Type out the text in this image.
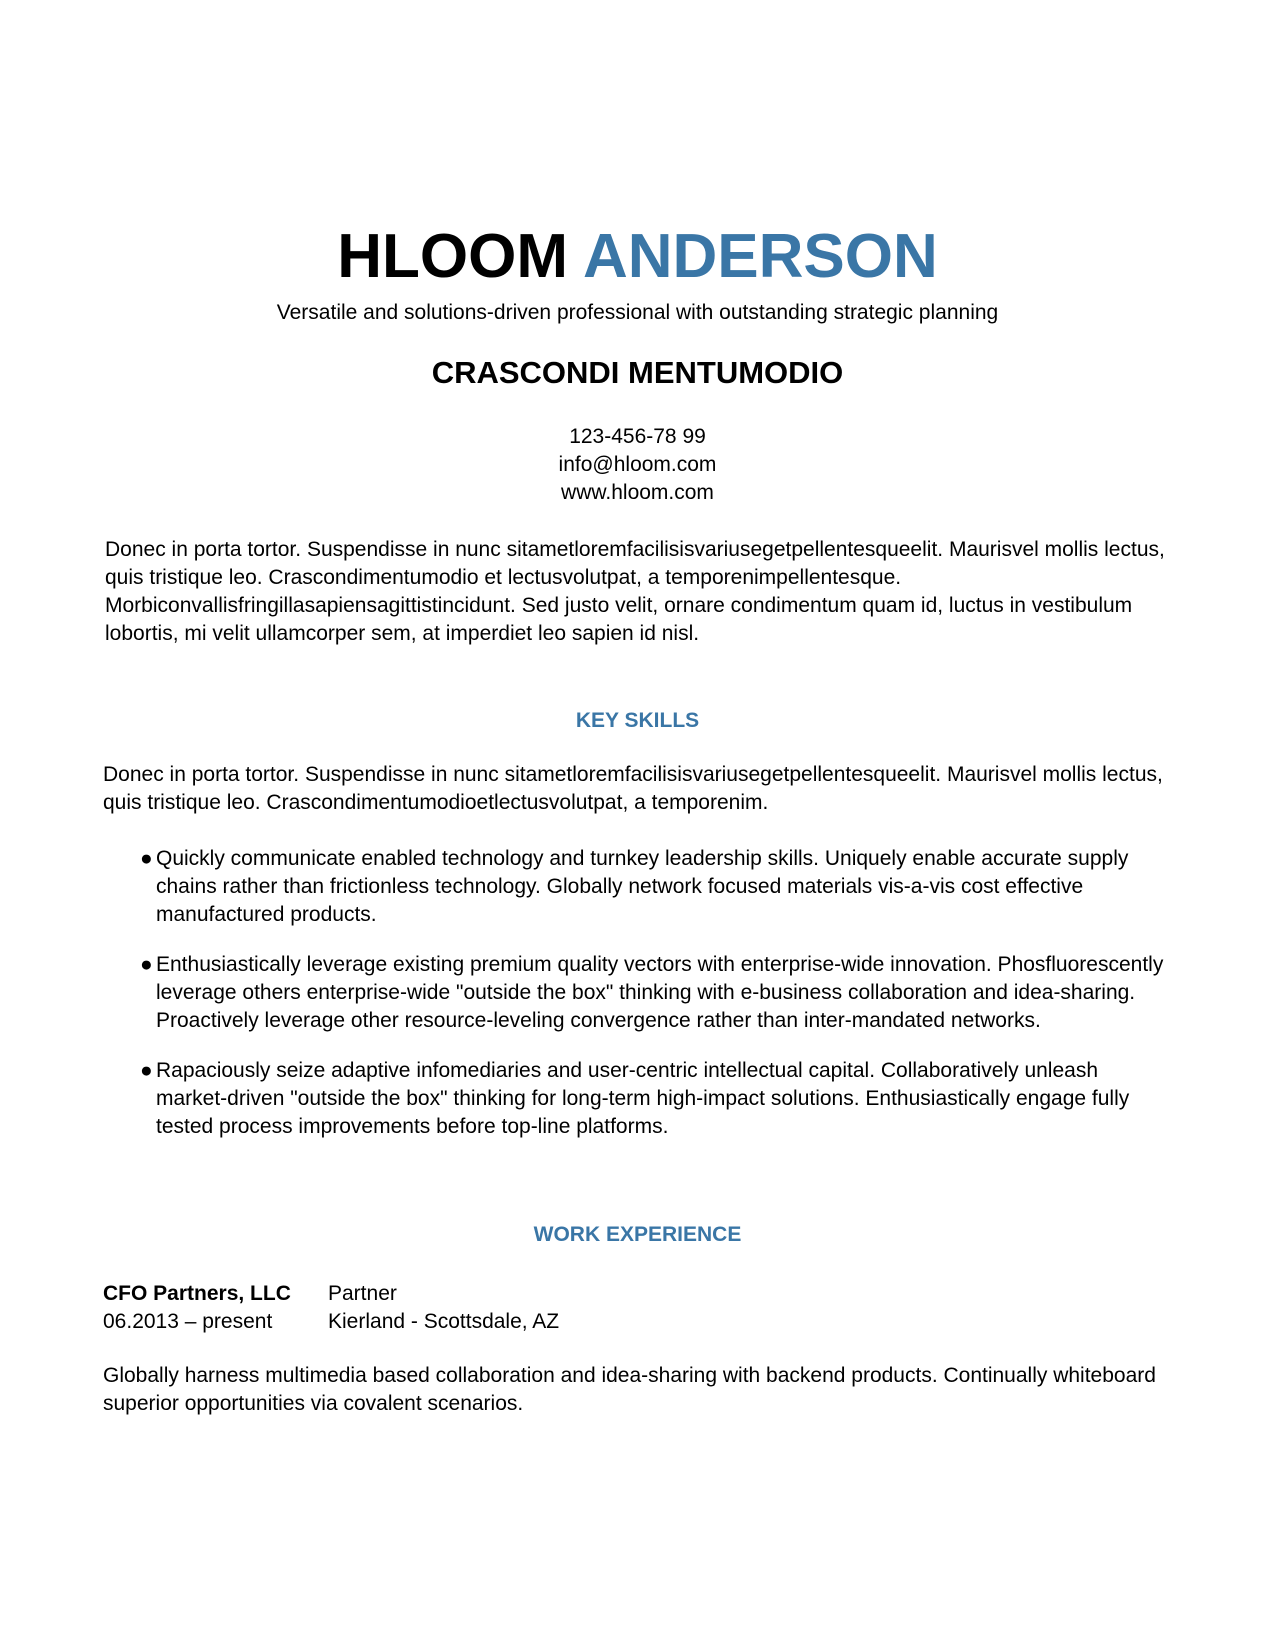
HLOOM ANDERSON
Versatile and solutions-driven professional with outstanding strategic planning
CRASCONDI MENTUMODIO
123-456-78 99
info@hloom.com
www.hloom.com

Donec in porta tortor. Suspendisse in nunc sitametloremfacilisisvariusegetpellentesqueelit. Maurisvel mollis lectus, quis tristique leo. Crascondimentumodio et lectusvolutpat, a temporenimpellentesque. Morbiconvallisfringillasapiensagittistincidunt. Sed justo velit, ornare condimentum quam id, luctus in vestibulum lobortis, mi velit ullamcorper sem, at imperdiet leo sapien id nisl.

KEY SKILLS

Donec in porta tortor. Suspendisse in nunc sitametloremfacilisisvariusegetpellentesqueelit. Maurisvel mollis lectus, quis tristique leo. Crascondimentumodioetlectusvolutpat, a temporenim.

● Quickly communicate enabled technology and turnkey leadership skills. Uniquely enable accurate supply chains rather than frictionless technology. Globally network focused materials vis-a-vis cost effective manufactured products.
● Enthusiastically leverage existing premium quality vectors with enterprise-wide innovation. Phosfluorescently leverage others enterprise-wide "outside the box" thinking with e-business collaboration and idea-sharing. Proactively leverage other resource-leveling convergence rather than inter-mandated networks.
● Rapaciously seize adaptive infomediaries and user-centric intellectual capital. Collaboratively unleash market-driven "outside the box" thinking for long-term high-impact solutions. Enthusiastically engage fully tested process improvements before top-line platforms.
WORK EXPERIENCE
CFO Partners, LLC	Partner
06.2013 – present	Kierland - Scottsdale, AZ

Globally harness multimedia based collaboration and idea-sharing with backend products. Continually whiteboard superior opportunities via covalent scenarios.
